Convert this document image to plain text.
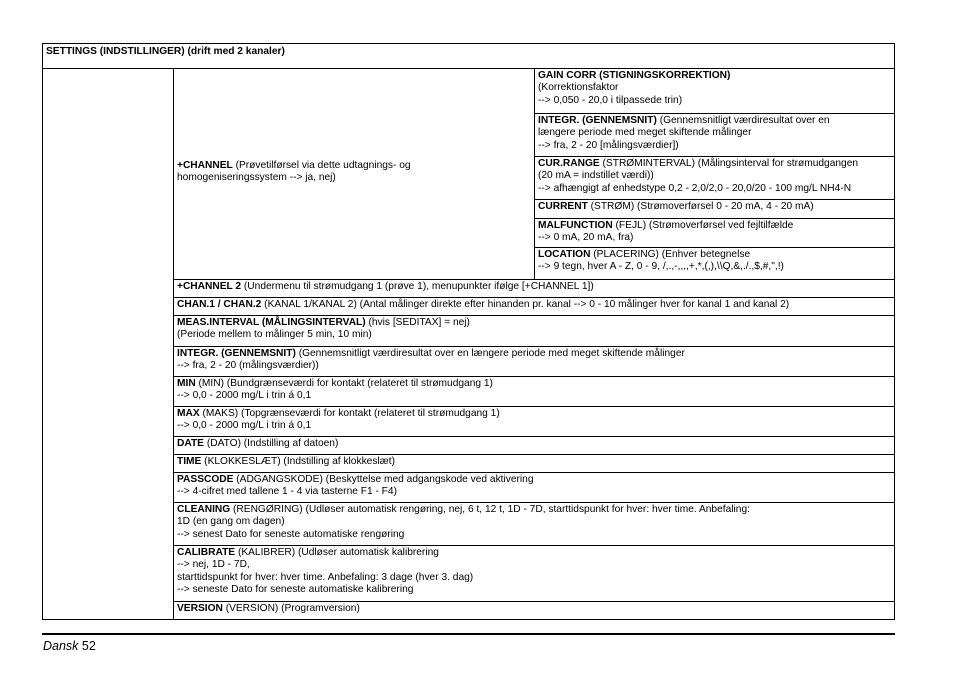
SETTINGS (INDSTILLINGER) (drift med 2 kanaler)
+CHANNEL (Prøvetilførsel via dette udtagnings- og
homogeniseringssystem --> ja, nej)
GAIN CORR (STIGNINGSKORREKTION)
(Korrektionsfaktor
--> 0,050 - 20,0 i tilpassede trin)
INTEGR. (GENNEMSNIT) (Gennemsnitligt værdiresultat over en
længere periode med meget skiftende målinger
--> fra, 2 - 20 [målingsværdier])
CUR.RANGE (STRØMINTERVAL) (Målingsinterval for strømudgangen
(20 mA = indstillet værdi))
--> afhængigt af enhedstype 0,2 - 2,0/2,0 - 20,0/20 - 100 mg/L NH4-N
CURRENT (STRØM) (Strømoverførsel 0 - 20 mA, 4 - 20 mA)
MALFUNCTION (FEJL) (Strømoverførsel ved fejltilfælde
--> 0 mA, 20 mA, fra)
LOCATION (PLACERING) (Enhver betegnelse
--> 9 tegn, hver A - Z, 0 - 9, /,.,-,,,,+,*,(,),\\Q,&,./.,$,#,",!)
+CHANNEL 2 (Undermenu til strømudgang 1 (prøve 1), menupunkter ifølge [+CHANNEL 1])
CHAN.1 / CHAN.2 (KANAL 1/KANAL 2) (Antal målinger direkte efter hinanden pr. kanal --> 0 - 10 målinger hver for kanal 1 and kanal 2)
MEAS.INTERVAL (MÅLINGSINTERVAL) (hvis [SEDITAX] = nej)
(Periode mellem to målinger 5 min, 10 min)
INTEGR. (GENNEMSNIT) (Gennemsnitligt værdiresultat over en længere periode med meget skiftende målinger
--> fra, 2 - 20 (målingsværdier))
MIN (MIN) (Bundgrænseværdi for kontakt (relateret til strømudgang 1)
--> 0,0 - 2000 mg/L i trin á 0,1
MAX (MAKS) (Topgrænseværdi for kontakt (relateret til strømudgang 1)
--> 0,0 - 2000 mg/L i trin á 0,1
DATE (DATO) (Indstilling af datoen)
TIME (KLOKKESLÆT) (Indstilling af klokkeslæt)
PASSCODE (ADGANGSKODE) (Beskyttelse med adgangskode ved aktivering
--> 4-cifret med tallene 1 - 4 via tasterne F1 - F4)
CLEANING (RENGØRING) (Udløser automatisk rengøring, nej, 6 t, 12 t, 1D - 7D, starttidspunkt for hver: hver time. Anbefaling:
1D (en gang om dagen)
--> senest Dato for seneste automatiske rengøring
CALIBRATE (KALIBRER) (Udløser automatisk kalibrering
--> nej, 1D - 7D,
starttidspunkt for hver: hver time. Anbefaling: 3 dage (hver 3. dag)
--> seneste Dato for seneste automatiske kalibrering
VERSION (VERSION) (Programversion)
Dansk 52
